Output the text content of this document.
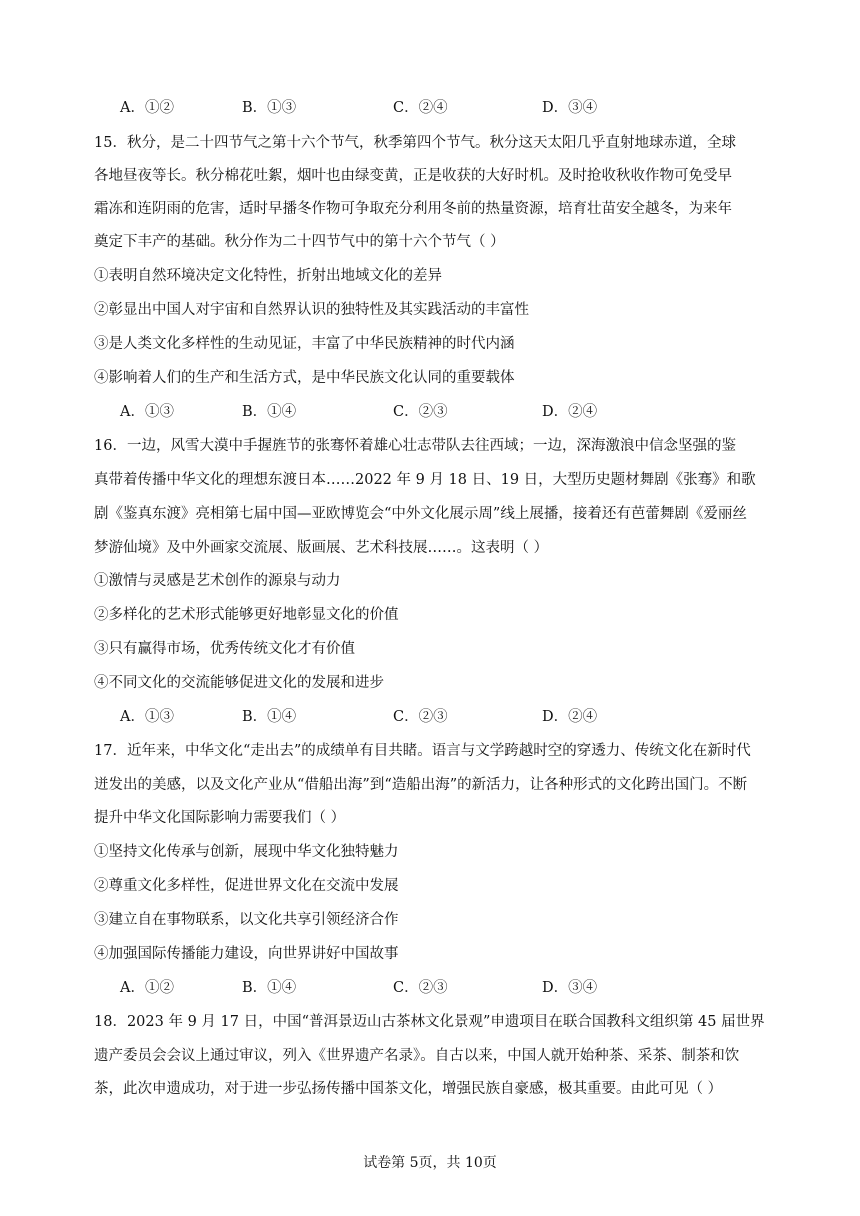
A．①②	B．①③	C．②④	D．③④
15．秋分，是二十四节气之第十六个节气，秋季第四个节气。秋分这天太阳几乎直射地球赤道，全球
各地昼夜等长。秋分棉花吐絮，烟叶也由绿变黄，正是收获的大好时机。及时抢收秋收作物可免受早
霜冻和连阴雨的危害，适时早播冬作物可争取充分利用冬前的热量资源，培育壮苗安全越冬，为来年
奠定下丰产的基础。秋分作为二十四节气中的第十六个节气（ ）
①表明自然环境决定文化特性，折射出地域文化的差异
②彰显出中国人对宇宙和自然界认识的独特性及其实践活动的丰富性
③是人类文化多样性的生动见证，丰富了中华民族精神的时代内涵
④影响着人们的生产和生活方式，是中华民族文化认同的重要载体
A．①③	B．①④	C．②③	D．②④
16．一边，风雪大漠中手握旌节的张骞怀着雄心壮志带队去往西域；一边，深海激浪中信念坚强的鉴
真带着传播中华文化的理想东渡日本……2022 年 9 月 18 日、19 日，大型历史题材舞剧《张骞》和歌
剧《鉴真东渡》亮相第七届中国—亚欧博览会“中外文化展示周”线上展播，接着还有芭蕾舞剧《爱丽丝
梦游仙境》及中外画家交流展、版画展、艺术科技展……。这表明（ ）
①激情与灵感是艺术创作的源泉与动力
②多样化的艺术形式能够更好地彰显文化的价值
③只有赢得市场，优秀传统文化才有价值
④不同文化的交流能够促进文化的发展和进步
A．①③	B．①④	C．②③	D．②④
17．近年来，中华文化“走出去”的成绩单有目共睹。语言与文学跨越时空的穿透力、传统文化在新时代
迸发出的美感，以及文化产业从“借船出海”到“造船出海”的新活力，让各种形式的文化跨出国门。不断
提升中华文化国际影响力需要我们（ ）
①坚持文化传承与创新，展现中华文化独特魅力
②尊重文化多样性，促进世界文化在交流中发展
③建立自在事物联系，以文化共享引领经济合作
④加强国际传播能力建设，向世界讲好中国故事
A．①②	B．①④	C．②③	D．③④
18．2023 年 9 月 17 日，中国“普洱景迈山古茶林文化景观”申遗项目在联合国教科文组织第 45 届世界
遗产委员会会议上通过审议，列入《世界遗产名录》。自古以来，中国人就开始种茶、采茶、制茶和饮
茶，此次申遗成功，对于进一步弘扬传播中国茶文化，增强民族自豪感，极其重要。由此可见（ ）
试卷第 5页，共 10页
